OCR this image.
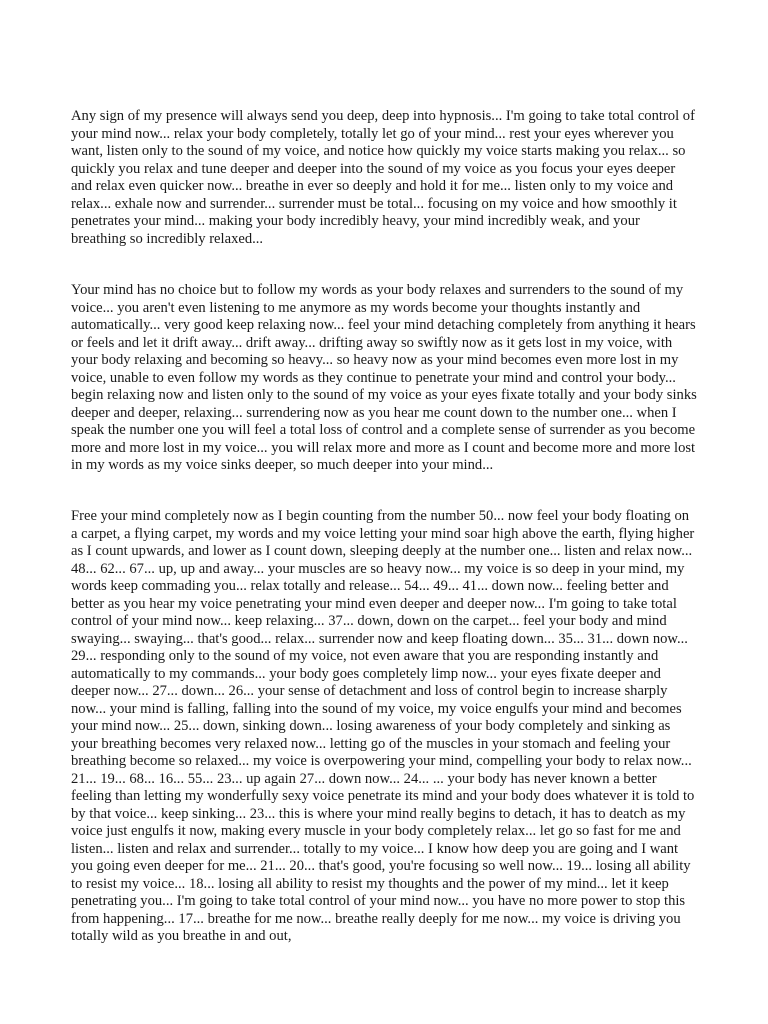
Any sign of my presence will always send you deep, deep into hypnosis... I'm going to take total control of your mind now... relax your body completely, totally let go of your mind... rest your eyes wherever you want, listen only to the sound of my voice, and notice how quickly my voice starts making you relax... so quickly you relax and tune deeper and deeper into the sound of my voice as you focus your eyes deeper and relax even quicker now... breathe in ever so deeply and hold it for me... listen only to my voice and relax... exhale now and surrender... surrender must be total... focusing on my voice and how smoothly it penetrates your mind... making your body incredibly heavy, your mind incredibly weak, and your breathing so incredibly relaxed...

Your mind has no choice but to follow my words as your body relaxes and surrenders to the sound of my voice... you aren't even listening to me anymore as my words become your thoughts instantly and automatically... very good keep relaxing now... feel your mind detaching completely from anything it hears or feels and let it drift away... drift away... drifting away so swiftly now as it gets lost in my voice, with your body relaxing and becoming so heavy... so heavy now as your mind becomes even more lost in my voice, unable to even follow my words as they continue to penetrate your mind and control your body... begin relaxing now and listen only to the sound of my voice as your eyes fixate totally and your body sinks deeper and deeper, relaxing... surrendering now as you hear me count down to the number one... when I speak the number one you will feel a total loss of control and a complete sense of surrender as you become more and more lost in my voice... you will relax more and more as I count and become more and more lost in my words as my voice sinks deeper, so much deeper into your mind...

Free your mind completely now as I begin counting from the number 50... now feel your body floating on a carpet, a flying carpet, my words and my voice letting your mind soar high above the earth, flying higher as I count upwards, and lower as I count down, sleeping deeply at the number one... listen and relax now... 48... 62... 67... up, up and away... your muscles are so heavy now... my voice is so deep in your mind, my words keep commading you... relax totally and release... 54... 49... 41... down now... feeling better and better as you hear my voice penetrating your mind even deeper and deeper now... I'm going to take total control of your mind now... keep relaxing... 37... down, down on the carpet... feel your body and mind swaying... swaying... that's good... relax... surrender now and keep floating down... 35... 31... down now... 29... responding only to the sound of my voice, not even aware that you are responding instantly and automatically to my commands... your body goes completely limp now... your eyes fixate deeper and deeper now... 27... down... 26... your sense of detachment and loss of control begin to increase sharply now... your mind is falling, falling into the sound of my voice, my voice engulfs your mind and becomes your mind now... 25... down, sinking down... losing awareness of your body completely and sinking as your breathing becomes very relaxed now... letting go of the muscles in your stomach and feeling your breathing become so relaxed... my voice is overpowering your mind, compelling your body to relax now... 21... 19... 68... 16... 55... 23... up again 27... down now... 24... ... your body has never known a better feeling than letting my wonderfully sexy voice penetrate its mind and your body does whatever it is told to by that voice... keep sinking... 23... this is where your mind really begins to detach, it has to deatch as my voice just engulfs it now, making every muscle in your body completely relax... let go so fast for me and listen... listen and relax and surrender... totally to my voice... I know how deep you are going and I want you going even deeper for me... 21... 20... that's good, you're focusing so well now... 19... losing all ability to resist my voice... 18... losing all ability to resist my thoughts and the power of my mind... let it keep penetrating you... I'm going to take total control of your mind now... you have no more power to stop this from happening... 17... breathe for me now... breathe really deeply for me now... my voice is driving you totally wild as you breathe in and out,
